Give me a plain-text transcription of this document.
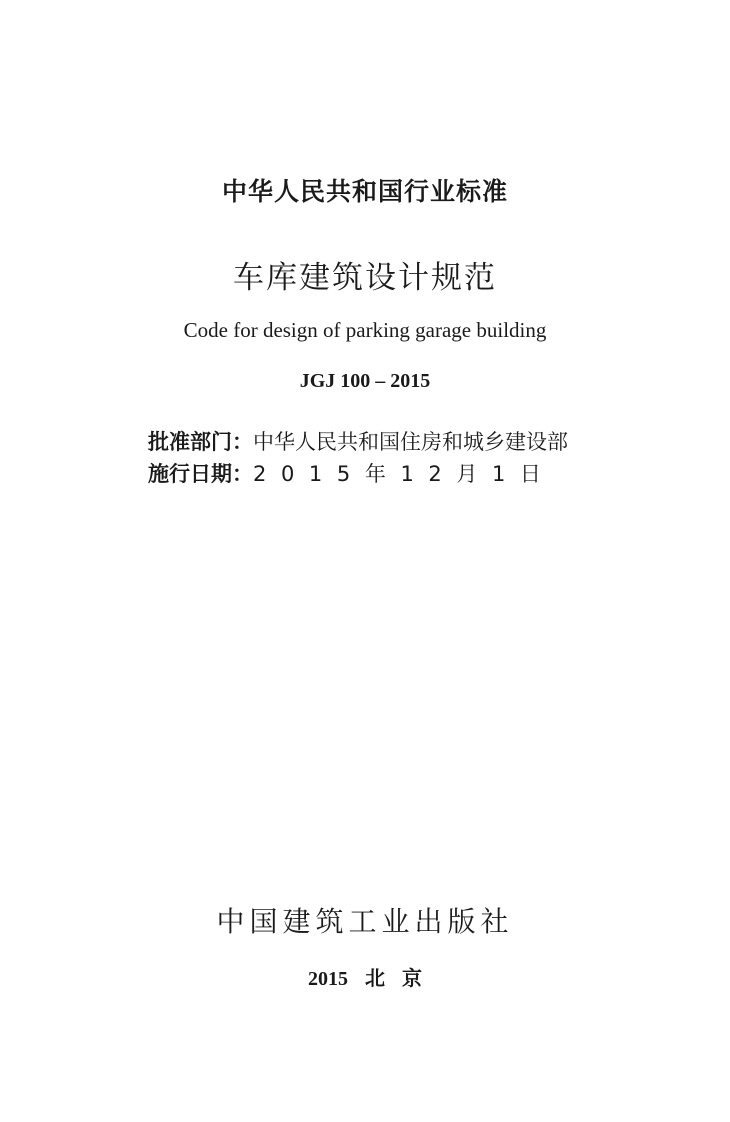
中华人民共和国行业标准
车库建筑设计规范
Code for design of parking garage building
JGJ 100 – 2015
批准部门：中华人民共和国住房和城乡建设部
施行日期：2015年12月1日
中国建筑工业出版社
2015 北 京
